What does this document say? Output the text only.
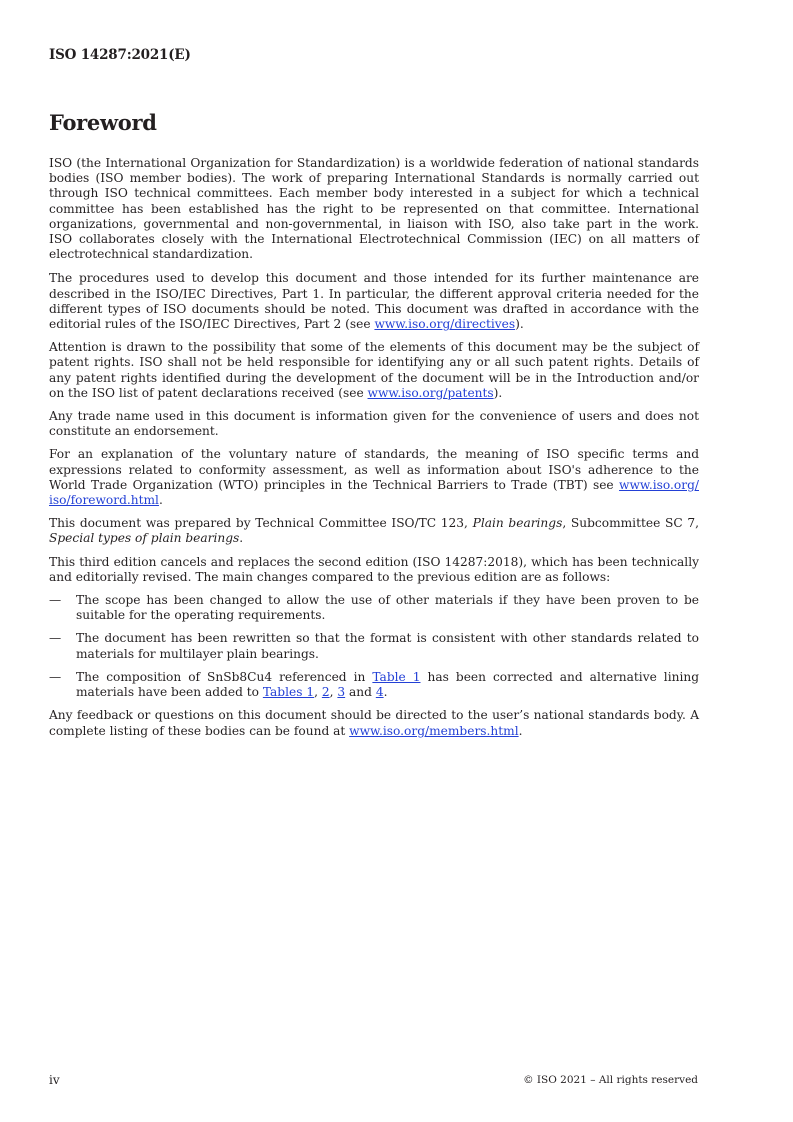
ISO 14287:2021(E)
Foreword
ISO (the International Organization for Standardization) is a worldwide federation of national standards
bodies (ISO member bodies). The work of preparing International Standards is normally carried out
through ISO technical committees. Each member body interested in a subject for which a technical
committee has been established has the right to be represented on that committee. International
organizations, governmental and non-governmental, in liaison with ISO, also take part in the work.
ISO collaborates closely with the International Electrotechnical Commission (IEC) on all matters of
electrotechnical standardization.
The procedures used to develop this document and those intended for its further maintenance are
described in the ISO/IEC Directives, Part 1. In particular, the different approval criteria needed for the
different types of ISO documents should be noted. This document was drafted in accordance with the
editorial rules of the ISO/IEC Directives, Part 2 (see www.iso.org/directives).
Attention is drawn to the possibility that some of the elements of this document may be the subject of
patent rights. ISO shall not be held responsible for identifying any or all such patent rights. Details of
any patent rights identified during the development of the document will be in the Introduction and/or
on the ISO list of patent declarations received (see www.iso.org/patents).
Any trade name used in this document is information given for the convenience of users and does not
constitute an endorsement.
For an explanation of the voluntary nature of standards, the meaning of ISO specific terms and
expressions related to conformity assessment, as well as information about ISO's adherence to the
World Trade Organization (WTO) principles in the Technical Barriers to Trade (TBT) see www.iso.org/
iso/foreword.html.
This document was prepared by Technical Committee ISO/TC 123, Plain bearings, Subcommittee SC 7,
Special types of plain bearings.
This third edition cancels and replaces the second edition (ISO 14287:2018), which has been technically
and editorially revised. The main changes compared to the previous edition are as follows:
— The scope has been changed to allow the use of other materials if they have been proven to be
suitable for the operating requirements.
— The document has been rewritten so that the format is consistent with other standards related to
materials for multilayer plain bearings.
— The composition of SnSb8Cu4 referenced in Table 1 has been corrected and alternative lining
materials have been added to Tables 1, 2, 3 and 4.
Any feedback or questions on this document should be directed to the user’s national standards body. A
complete listing of these bodies can be found at www.iso.org/members.html.
iv	© ISO 2021 – All rights reserved
